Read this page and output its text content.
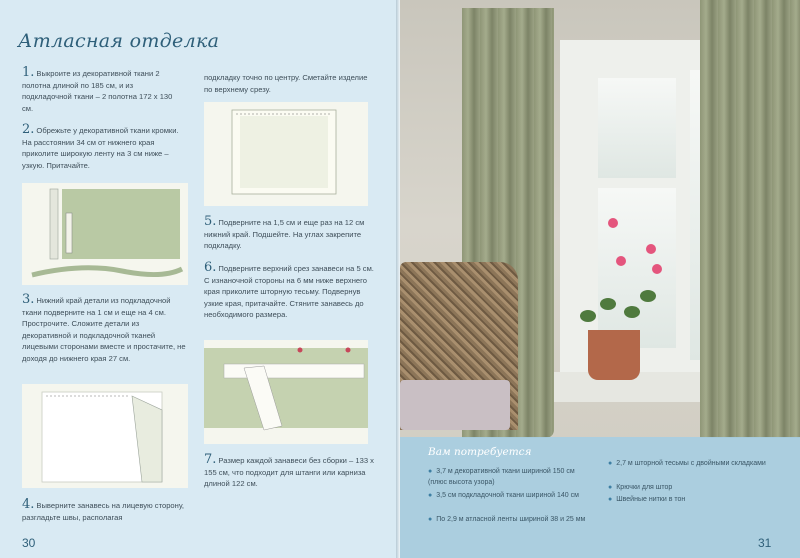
Атласная отделка
1. Выкроите из декоративной ткани 2 полотна длиной по 185 см, и из подкладочной ткани – 2 полотна 172 х 130 см.
2. Обрежьте у декоративной ткани кромки. На расстоянии 34 см от нижнего края приколите широкую ленту на 3 см ниже – узкую. Притачайте.
3. Нижний край детали из подкладочной ткани подверните на 1 см и еще на 4 см. Прострочите. Сложите детали из декоративной и подкладочной тканей лицевыми сторонами вместе и простачите, не доходя до нижнего края 27 см.
4. Выверните занавесь на лицевую сторону, разгладьте швы, располагая
подкладку точно по центру. Сметайте изделие по верхнему срезу.
5. Подверните на 1,5 см и еще раз на 12 см нижний край. Подшейте. На углах закрепите подкладку.
6. Подверните верхний срез занавеси на 5 см. С изнаночной стороны на 6 мм ниже верхнего края приколите шторную тесьму. Подвернув узкие края, притачайте. Стяните занавесь до необходимого размера.
7. Размер каждой занавеси без сборки – 133 х 155 см, что подходит для штанги или карниза длиной 122 см.
30
Вам потребуется
● 3,7 м декоративной ткани шириной 150 см (плюс высота узора)
● 3,5 см подкладочной ткани шириной 140 см
● По 2,9 м атласной ленты шириной 38 и 25 мм
● 2,7 м шторной тесьмы с двойными складками
● Крючки для штор
● Швейные нитки в тон
31
